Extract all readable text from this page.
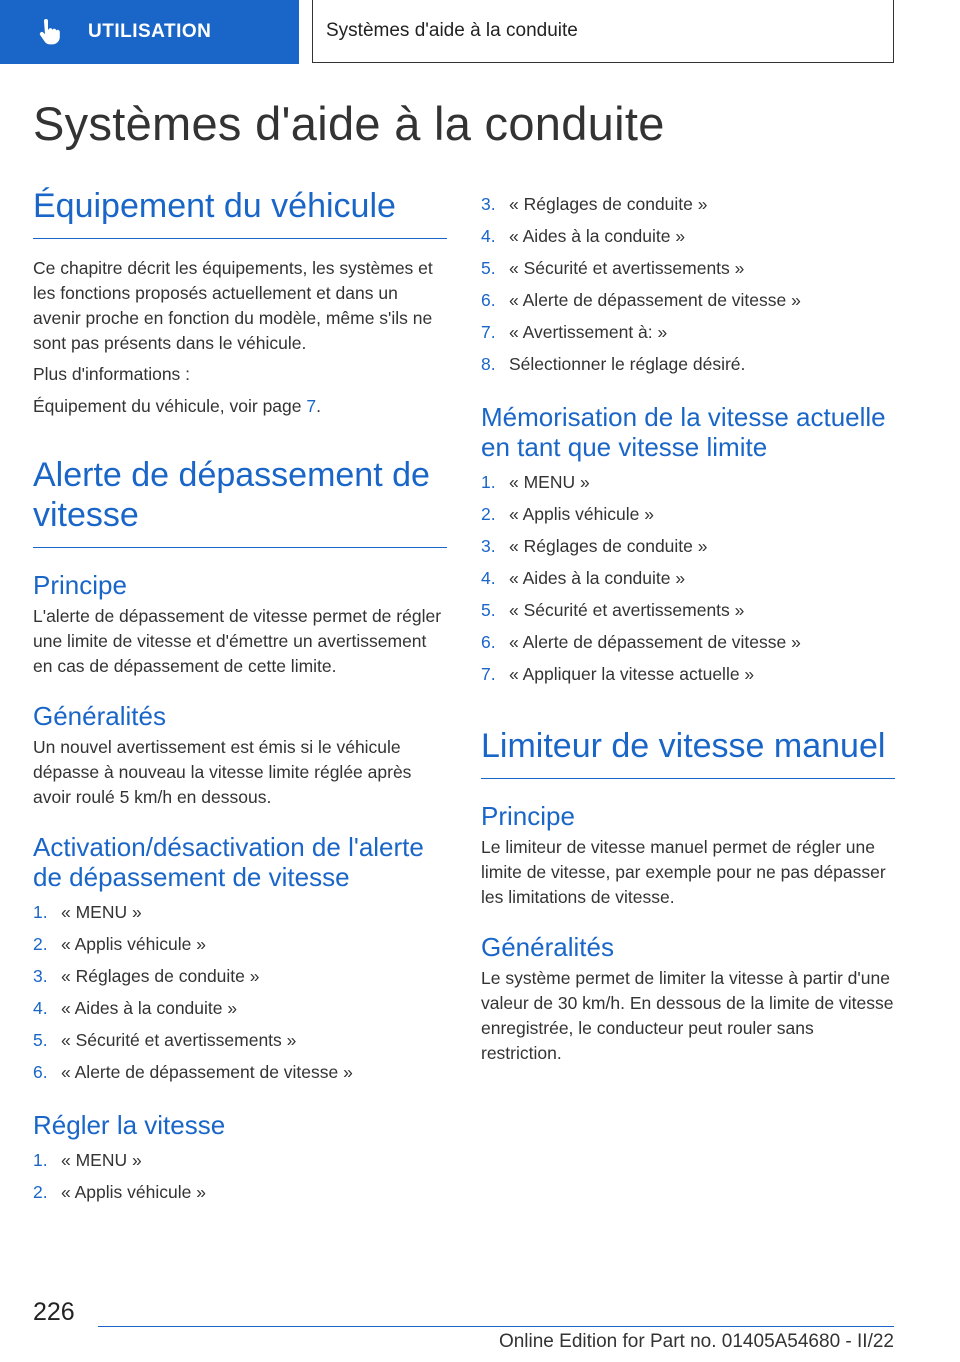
UTILISATION	Systèmes d'aide à la conduite
Systèmes d'aide à la conduite
Équipement du véhicule

Ce chapitre décrit les équipements, les systèmes et les fonctions proposés actuellement et dans un avenir proche en fonction du modèle, même s'ils ne sont pas présents dans le véhicule.

Plus d'informations :

Équipement du véhicule, voir page 7.

Alerte de dépassement de vitesse
Principe

L'alerte de dépassement de vitesse permet de régler une limite de vitesse et d'émettre un avertissement en cas de dépassement de cette limite.

Généralités

Un nouvel avertissement est émis si le véhicule dépasse à nouveau la vitesse limite réglée après avoir roulé 5 km/h en dessous.

Activation/désactivation de l'alerte de dépassement de vitesse
1. « MENU »
2. « Applis véhicule »
3. « Réglages de conduite »
4. « Aides à la conduite »
5. « Sécurité et avertissements »
6. « Alerte de dépassement de vitesse »
Régler la vitesse
1. « MENU »
2. « Applis véhicule »
3. « Réglages de conduite »
4. « Aides à la conduite »
5. « Sécurité et avertissements »
6. « Alerte de dépassement de vitesse »
7. « Avertissement à: »
8. Sélectionner le réglage désiré.
Mémorisation de la vitesse actuelle en tant que vitesse limite
1. « MENU »
2. « Applis véhicule »
3. « Réglages de conduite »
4. « Aides à la conduite »
5. « Sécurité et avertissements »
6. « Alerte de dépassement de vitesse »
7. « Appliquer la vitesse actuelle »
Limiteur de vitesse manuel
Principe

Le limiteur de vitesse manuel permet de régler une limite de vitesse, par exemple pour ne pas dépasser les limitations de vitesse.

Généralités

Le système permet de limiter la vitesse à partir d'une valeur de 30 km/h. En dessous de la limite de vitesse enregistrée, le conducteur peut rouler sans restriction.

226
Online Edition for Part no. 01405A54680 - II/22
